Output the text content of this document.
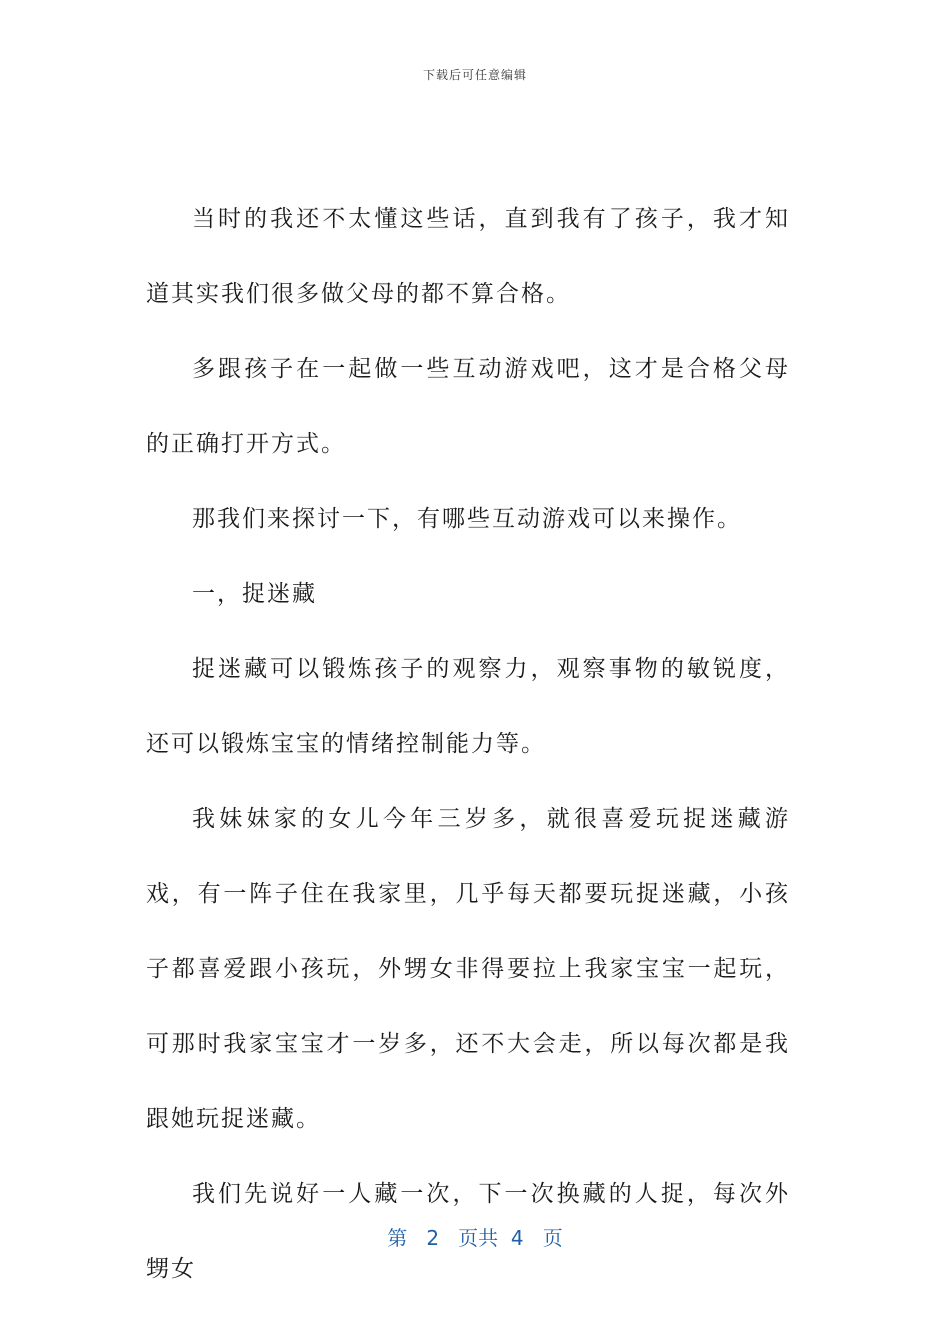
下载后可任意编辑

当时的我还不太懂这些话，直到我有了孩子，我才知道其实我们很多做父母的都不算合格。

多跟孩子在一起做一些互动游戏吧，这才是合格父母的正确打开方式。

那我们来探讨一下，有哪些互动游戏可以来操作。

一，捉迷藏

捉迷藏可以锻炼孩子的观察力，观察事物的敏锐度，还可以锻炼宝宝的情绪控制能力等。

我妹妹家的女儿今年三岁多，就很喜爱玩捉迷藏游戏，有一阵子住在我家里，几乎每天都要玩捉迷藏，小孩子都喜爱跟小孩玩，外甥女非得要拉上我家宝宝一起玩，可那时我家宝宝才一岁多，还不大会走，所以每次都是我跟她玩捉迷藏。

我们先说好一人藏一次，下一次换藏的人捉，每次外甥女

第 2 页共 4 页
